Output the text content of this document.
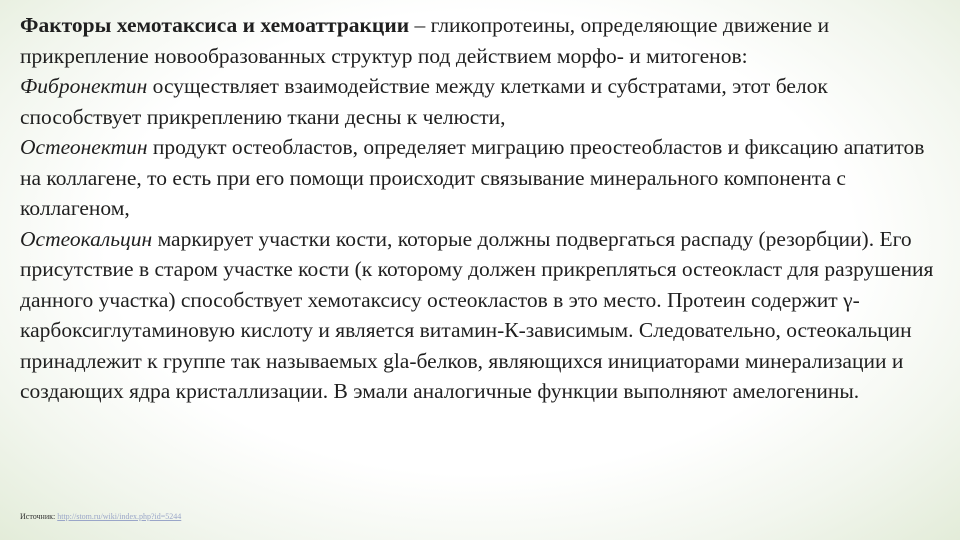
Факторы хемотаксиса и хемоаттракции – гликопротеины, определяющие движение и прикрепление новообразованных структур под действием морфо- и митогенов:

Фибронектин осуществляет взаимодействие между клетками и субстратами, этот белок способствует прикреплению ткани десны к челюсти,

Остеонектин продукт остеобластов, определяет миграцию преостеобластов и фиксацию апатитов на коллагене, то есть при его помощи происходит связывание минерального компонента с коллагеном,

Остеокальцин маркирует участки кости, которые должны подвергаться распаду (резорбции). Его присутствие в старом участке кости (к которому должен прикрепляться остеокласт для разрушения данного участка) способствует хемотаксису остеокластов в это место. Протеин содержит γ-карбоксиглутаминовую кислоту и является витамин-К-зависимым. Следовательно, остеокальцин принадлежит к группе так называемых gla-белков, являющихся инициаторами минерализации и создающих ядра кристаллизации. В эмали аналогичные функции выполняют амелогенины.

Источник: http://stom.ru/wiki/index.php?id=5244
